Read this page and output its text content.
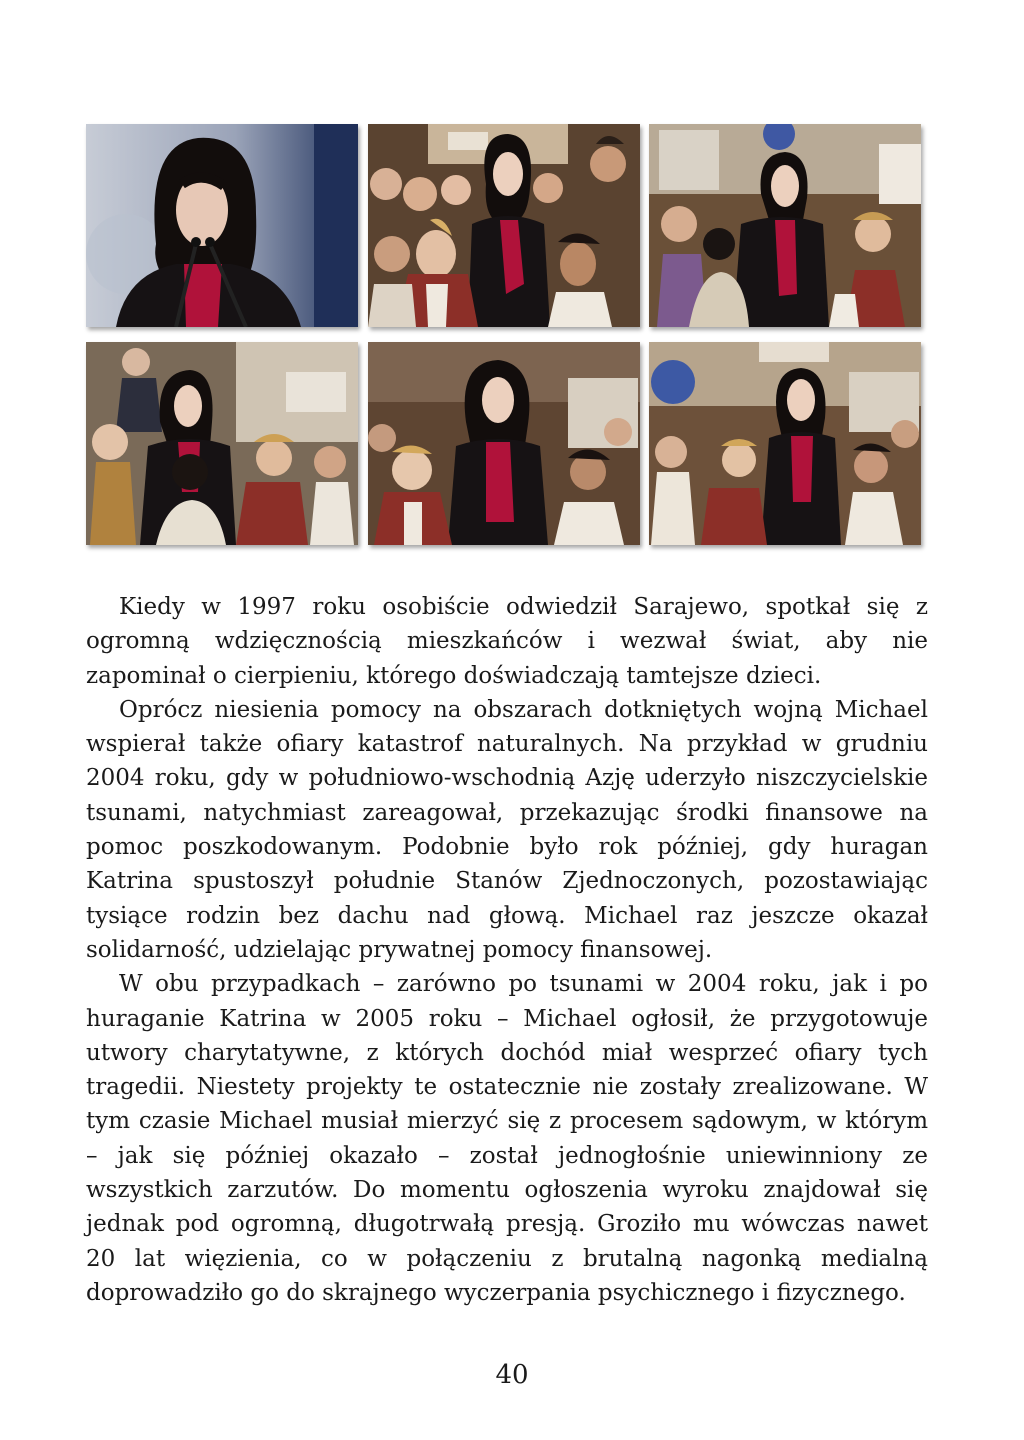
Kiedy w 1997 roku osobiście odwiedził Sarajewo, spotkał się z ogromną wdzięcznością mieszkańców i wezwał świat, aby nie zapominał o cierpieniu, którego doświadczają tamtejsze dzieci.

Oprócz niesienia pomocy na obszarach dotkniętych wojną Michael wspierał także ofiary katastrof naturalnych. Na przykład w grudniu 2004 roku, gdy w południowo-wschodnią Azję uderzyło niszczycielskie tsunami, natychmiast zareagował, przekazując środki finansowe na pomoc poszkodowanym. Podobnie było rok później, gdy huragan Katrina spustoszył południe Stanów Zjednoczonych, pozostawiając tysiące rodzin bez dachu nad głową. Michael raz jeszcze okazał solidarność, udzielając prywatnej pomocy finansowej.

W obu przypadkach – zarówno po tsunami w 2004 roku, jak i po huraganie Katrina w 2005 roku – Michael ogłosił, że przygotowuje utwory charytatywne, z których dochód miał wesprzeć ofiary tych tragedii. Niestety projekty te ostatecznie nie zostały zrealizowane. W tym czasie Michael musiał mierzyć się z procesem sądowym, w którym – jak się później okazało – został jednogłośnie uniewinniony ze wszystkich zarzutów. Do momentu ogłoszenia wyroku znajdował się jednak pod ogromną, długotrwałą presją. Groziło mu wówczas nawet 20 lat więzienia, co w połączeniu z brutalną nagonką medialną doprowadziło go do skrajnego wyczerpania psychicznego i fizycznego.

40
